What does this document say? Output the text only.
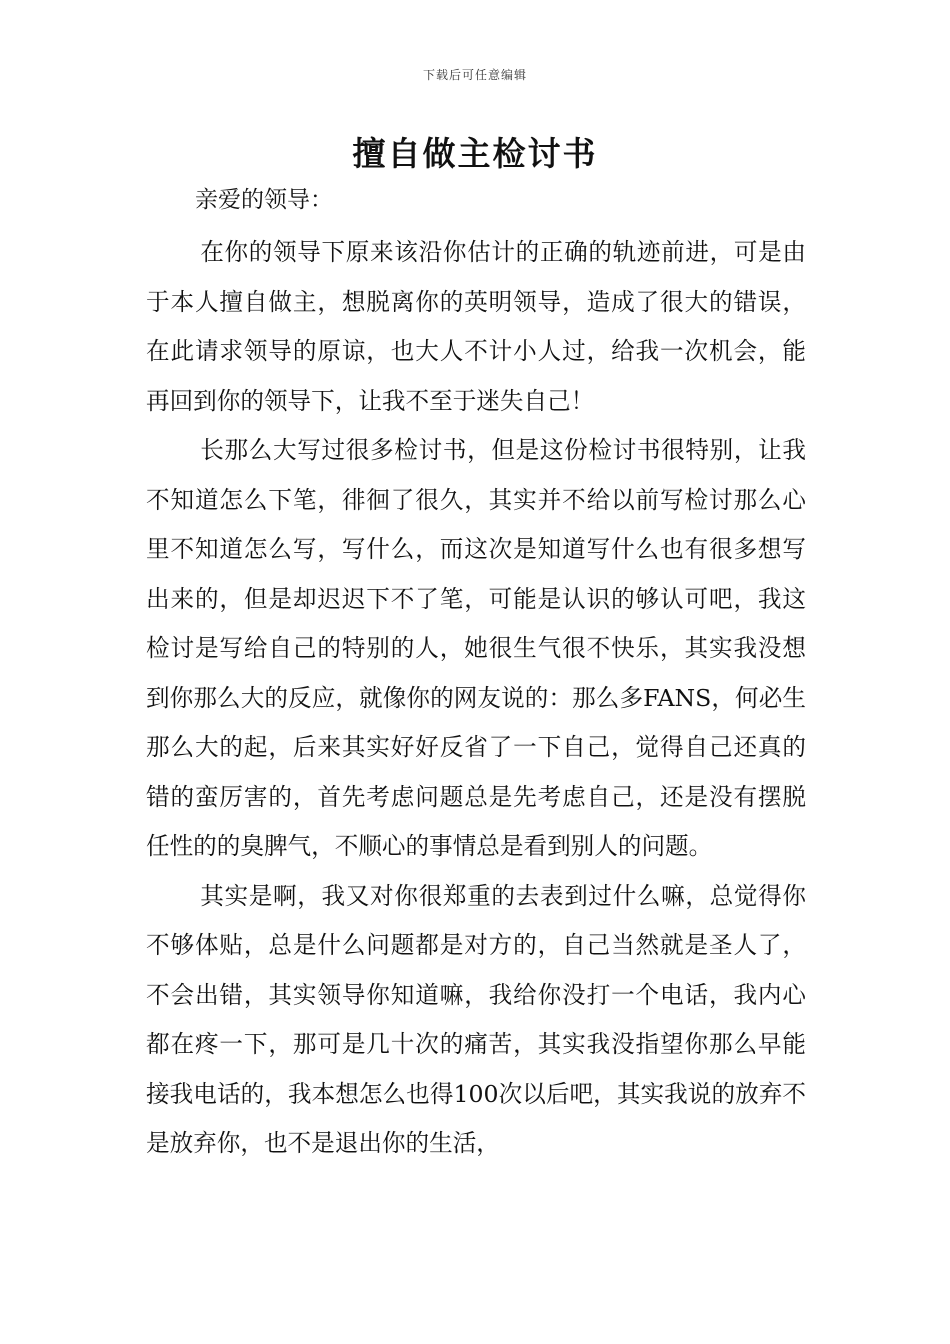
下载后可任意编辑
擅自做主检讨书

亲爱的领导：

在你的领导下原来该沿你估计的正确的轨迹前进，可是由于本人擅自做主，想脱离你的英明领导，造成了很大的错误，在此请求领导的原谅，也大人不计小人过，给我一次机会，能再回到你的领导下，让我不至于迷失自己！

长那么大写过很多检讨书，但是这份检讨书很特别，让我不知道怎么下笔，徘徊了很久，其实并不给以前写检讨那么心里不知道怎么写，写什么，而这次是知道写什么也有很多想写出来的，但是却迟迟下不了笔，可能是认识的够认可吧，我这检讨是写给自己的特别的人，她很生气很不快乐，其实我没想到你那么大的反应，就像你的网友说的：那么多FANS，何必生那么大的起，后来其实好好反省了一下自己，觉得自己还真的错的蛮厉害的，首先考虑问题总是先考虑自己，还是没有摆脱任性的的臭脾气，不顺心的事情总是看到别人的问题。

其实是啊，我又对你很郑重的去表到过什么嘛，总觉得你不够体贴，总是什么问题都是对方的，自己当然就是圣人了，不会出错，其实领导你知道嘛，我给你没打一个电话，我内心都在疼一下，那可是几十次的痛苦，其实我没指望你那么早能接我电话的，我本想怎么也得100次以后吧，其实我说的放弃不是放弃你，也不是退出你的生活，
